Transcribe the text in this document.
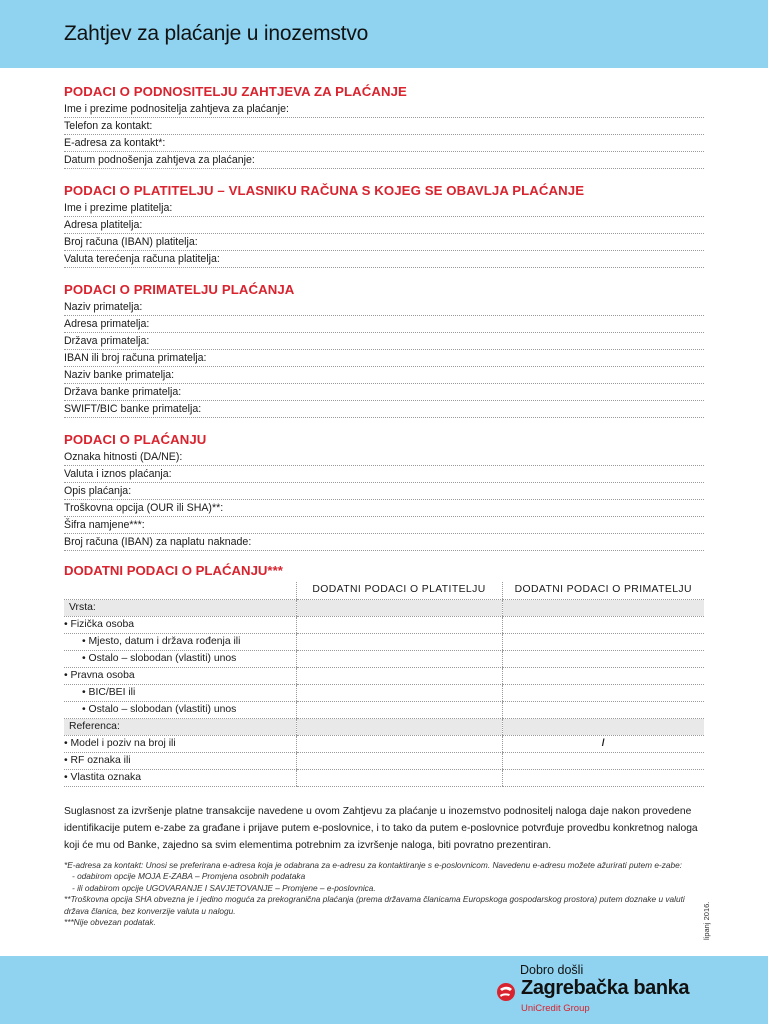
Zahtjev za plaćanje u inozemstvo
PODACI O PODNOSITELJU ZAHTJEVA ZA PLAĆANJE
Ime i prezime podnositelja zahtjeva za plaćanje:
Telefon za kontakt:
E-adresa za kontakt*:
Datum podnošenja zahtjeva za plaćanje:
PODACI O PLATITELJU – VLASNIKU RAČUNA S KOJEG SE OBAVLJA PLAĆANJE
Ime i prezime platitelja:
Adresa platitelja:
Broj računa (IBAN) platitelja:
Valuta terećenja računa platitelja:
PODACI O PRIMATELJU PLAĆANJA
Naziv primatelja:
Adresa primatelja:
Država primatelja:
IBAN ili broj računa primatelja:
Naziv banke primatelja:
Država banke primatelja:
SWIFT/BIC banke primatelja:
PODACI O PLAĆANJU
Oznaka hitnosti (DA/NE):
Valuta i iznos plaćanja:
Opis plaćanja:
Troškovna opcija (OUR ili SHA)**:
Šifra namjene***:
Broj računa (IBAN) za naplatu naknade:
DODATNI PODACI O PLAĆANJU***
	DODATNI PODACI O PLATITELJU	DODATNI PODACI O PRIMATELJU
Vrsta:		
• Fizička osoba		
• Mjesto, datum i država rođenja ili		
• Ostalo – slobodan (vlastiti) unos		
• Pravna osoba		
• BIC/BEI ili		
• Ostalo – slobodan (vlastiti) unos		
Referenca:		
• Model i poziv na broj ili		/
• RF oznaka ili		
• Vlastita oznaka		
Suglasnost za izvršenje platne transakcije navedene u ovom Zahtjevu za plaćanje u inozemstvo podnositelj naloga daje nakon provedene identifikacije putem e-zabe za građane i prijave putem e-poslovnice, i to tako da putem e-poslovnice potvrđuje provedbu konkretnog naloga koji će mu od Banke, zajedno sa svim elementima potrebnim za izvršenje naloga, biti povratno prezentiran.
*E-adresa za kontakt: Unosi se preferirana e-adresa koja je odabrana za e-adresu za kontaktiranje s e-poslovnicom. Navedenu e-adresu možete ažurirati putem e-zabe:
- odabirom opcije MOJA E-ZABA – Promjena osobnih podataka
- ili odabirom opcije UGOVARANJE I SAVJETOVANJE – Promjene – e-poslovnica.
**Troškovna opcija SHA obvezna je i jedino moguća za prekogranična plaćanja (prema državama članicama Europskoga gospodarskog prostora) putem doznake u valuti država članica, bez konverzije valuta u nalogu.
***Nije obvezan podatak.	lipanj 2016.
Dobro došli
Zagrebačka banka
UniCredit Group
